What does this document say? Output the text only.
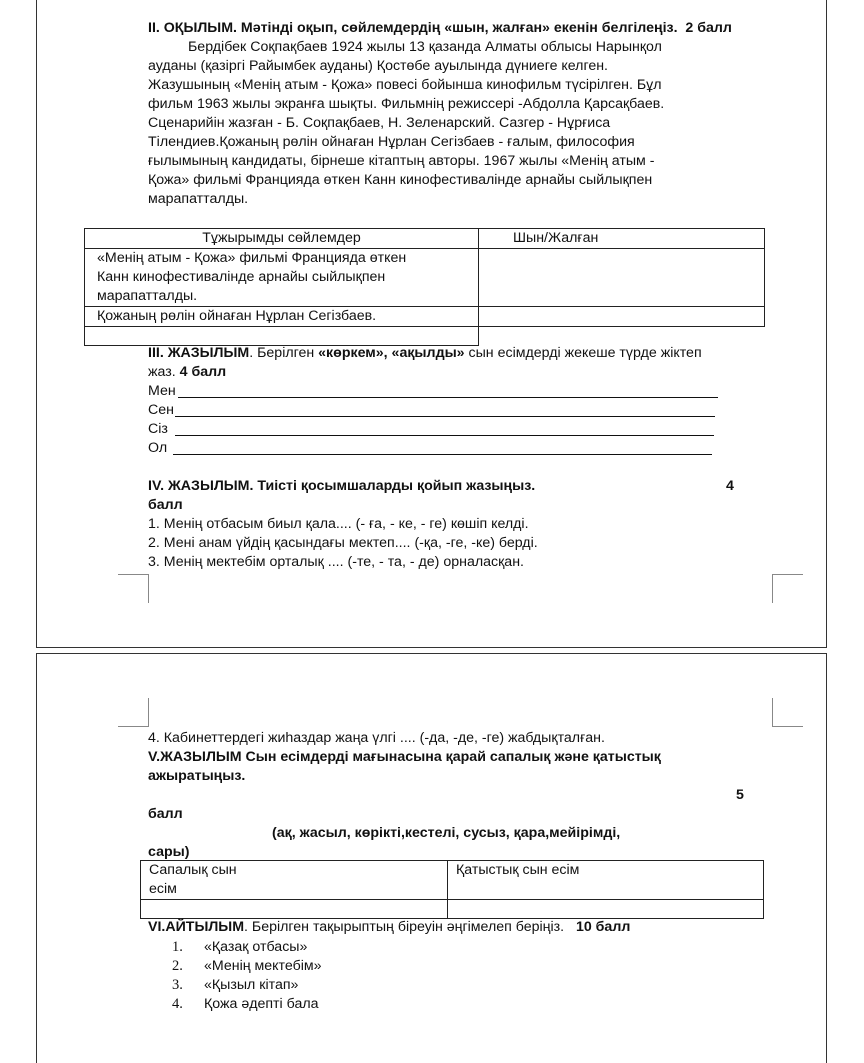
II. ОҚЫЛЫМ. Мәтінді оқып, сөйлемдердің «шын, жалған» екенін белгілеңіз. 2 балл
Бердібек Соқпақбаев 1924 жылы 13 қазанда Алматы облысы Нарынқол
ауданы (қазіргі Райымбек ауданы) Қостөбе ауылында дүниеге келген.
Жазушының «Менің атым - Қожа» повесі бойынша кинофильм түсірілген. Бұл
фильм 1963 жылы экранға шықты. Фильмнің режиссері -Абдолла Қарсақбаев.
Сценарийін жазған - Б. Соқпақбаев, Н. Зеленарский. Сазгер - Нұрғиса
Тілендиев.Қожаның рөлін ойнаған Нұрлан Сегізбаев - ғалым, философия
ғылымының кандидаты, бірнеше кітаптың авторы. 1967 жылы «Менің атым -
Қожа» фильмі Францияда өткен Канн кинофестивалінде арнайы сыйлықпен
марапатталды.
Тұжырымды сөйлемдер	Шын/Жалған

«Менің атым - Қожа» фильмі Францияда өткен
Канн кинофестивалінде арнайы сыйлықпен
марапатталды.	

Қожаның рөлін ойнаған Нұрлан Сегізбаев.	

III. ЖАЗЫЛЫМ. Берілген «көркем», «ақылды» сын есімдерді жекеше түрде жіктеп
жаз. 4 балл
Мен
Сен
Сіз
Ол
IV. ЖАЗЫЛЫМ. Тиісті қосымшаларды қойып жазыңыз.	4
балл
1. Менің отбасым биыл қала.... (- ға, - ке, - ге) көшіп келді.
2. Мені анам үйдің қасындағы мектеп.... (-қа, -ге, -ке) берді.
3. Менің мектебім орталық .... (-те, - та, - де) орналасқан.
4. Кабинеттердегі жиһаздар жаңа үлгі .... (-да, -де, -ге) жабдықталған.
V.ЖАЗЫЛЫМ Сын есімдерді мағынасына қарай сапалық және қатыстық
ажыратыңыз.
5
балл
(ақ, жасыл, көрікті,кестелі, сусыз, қара,мейірімді,
сары)
Сапалық сын
есім	Қатыстық сын есім

VI.АЙТЫЛЫМ. Берілген тақырыптың біреуін әңгімелеп беріңіз. 10 балл
1. «Қазақ отбасы»
2. «Менің мектебім»
3. «Қызыл кітап»
4. Қожа әдепті бала
